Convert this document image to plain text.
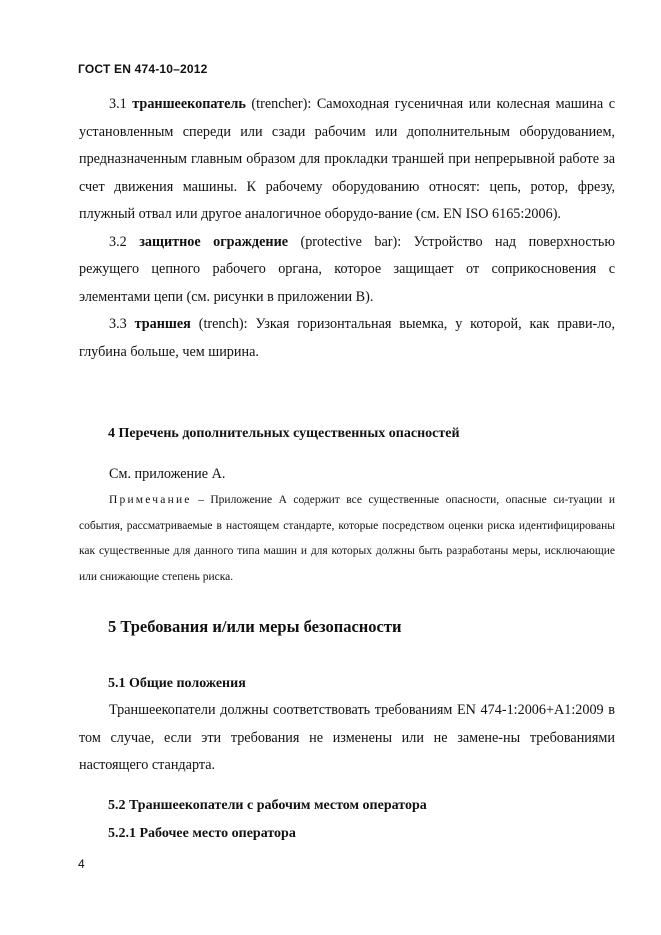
ГОСТ EN 474-10–2012

3.1 траншеекопатель (trencher): Самоходная гусеничная или колесная машина с установленным спереди или сзади рабочим или дополнительным оборудованием, предназначенным главным образом для прокладки траншей при непрерывной работе за счет движения машины. К рабочему оборудованию относят: цепь, ротор, фрезу, плужный отвал или другое аналогичное оборудо-вание (см. EN ISO 6165:2006).

3.2 защитное ограждение (protective bar): Устройство над поверхностью режущего цепного рабочего органа, которое защищает от соприкосновения с элементами цепи (см. рисунки в приложении В).

3.3 траншея (trench): Узкая горизонтальная выемка, у которой, как прави-ло, глубина больше, чем ширина.

4 Перечень дополнительных существенных опасностей

См. приложение А.

Примечание – Приложение А содержит все существенные опасности, опасные си-туации и события, рассматриваемые в настоящем стандарте, которые посредством оценки риска идентифицированы как существенные для данного типа машин и для которых должны быть разработаны меры, исключающие или снижающие степень риска.

5 Требования и/или меры безопасности
5.1 Общие положения

Траншеекопатели должны соответствовать требованиям EN 474-1:2006+A1:2009 в том случае, если эти требования не изменены или не замене-ны требованиями настоящего стандарта.

5.2 Траншеекопатели с рабочим местом оператора
5.2.1 Рабочее место оператора
4
